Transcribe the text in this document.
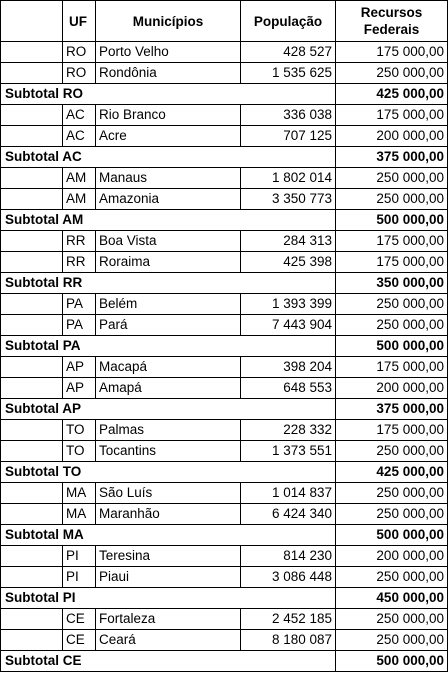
	UF	Municípios	População	Recursos Federais
	RO	Porto Velho	428 527	175 000,00
	RO	Rondônia	1 535 625	250 000,00
Subtotal RO				425 000,00
	AC	Rio Branco	336 038	175 000,00
	AC	Acre	707 125	200 000,00
Subtotal AC				375 000,00
	AM	Manaus	1 802 014	250 000,00
	AM	Amazonia	3 350 773	250 000,00
Subtotal AM				500 000,00
	RR	Boa Vista	284 313	175 000,00
	RR	Roraima	425 398	175 000,00
Subtotal RR				350 000,00
	PA	Belém	1 393 399	250 000,00
	PA	Pará	7 443 904	250 000,00
Subtotal PA				500 000,00
	AP	Macapá	398 204	175 000,00
	AP	Amapá	648 553	200 000,00
Subtotal AP				375 000,00
	TO	Palmas	228 332	175 000,00
	TO	Tocantins	1 373 551	250 000,00
Subtotal TO				425 000,00
	MA	São Luís	1 014 837	250 000,00
	MA	Maranhão	6 424 340	250 000,00
Subtotal MA				500 000,00
	PI	Teresina	814 230	200 000,00
	PI	Piaui	3 086 448	250 000,00
Subtotal PI				450 000,00
	CE	Fortaleza	2 452 185	250 000,00
	CE	Ceará	8 180 087	250 000,00
Subtotal CE				500 000,00
